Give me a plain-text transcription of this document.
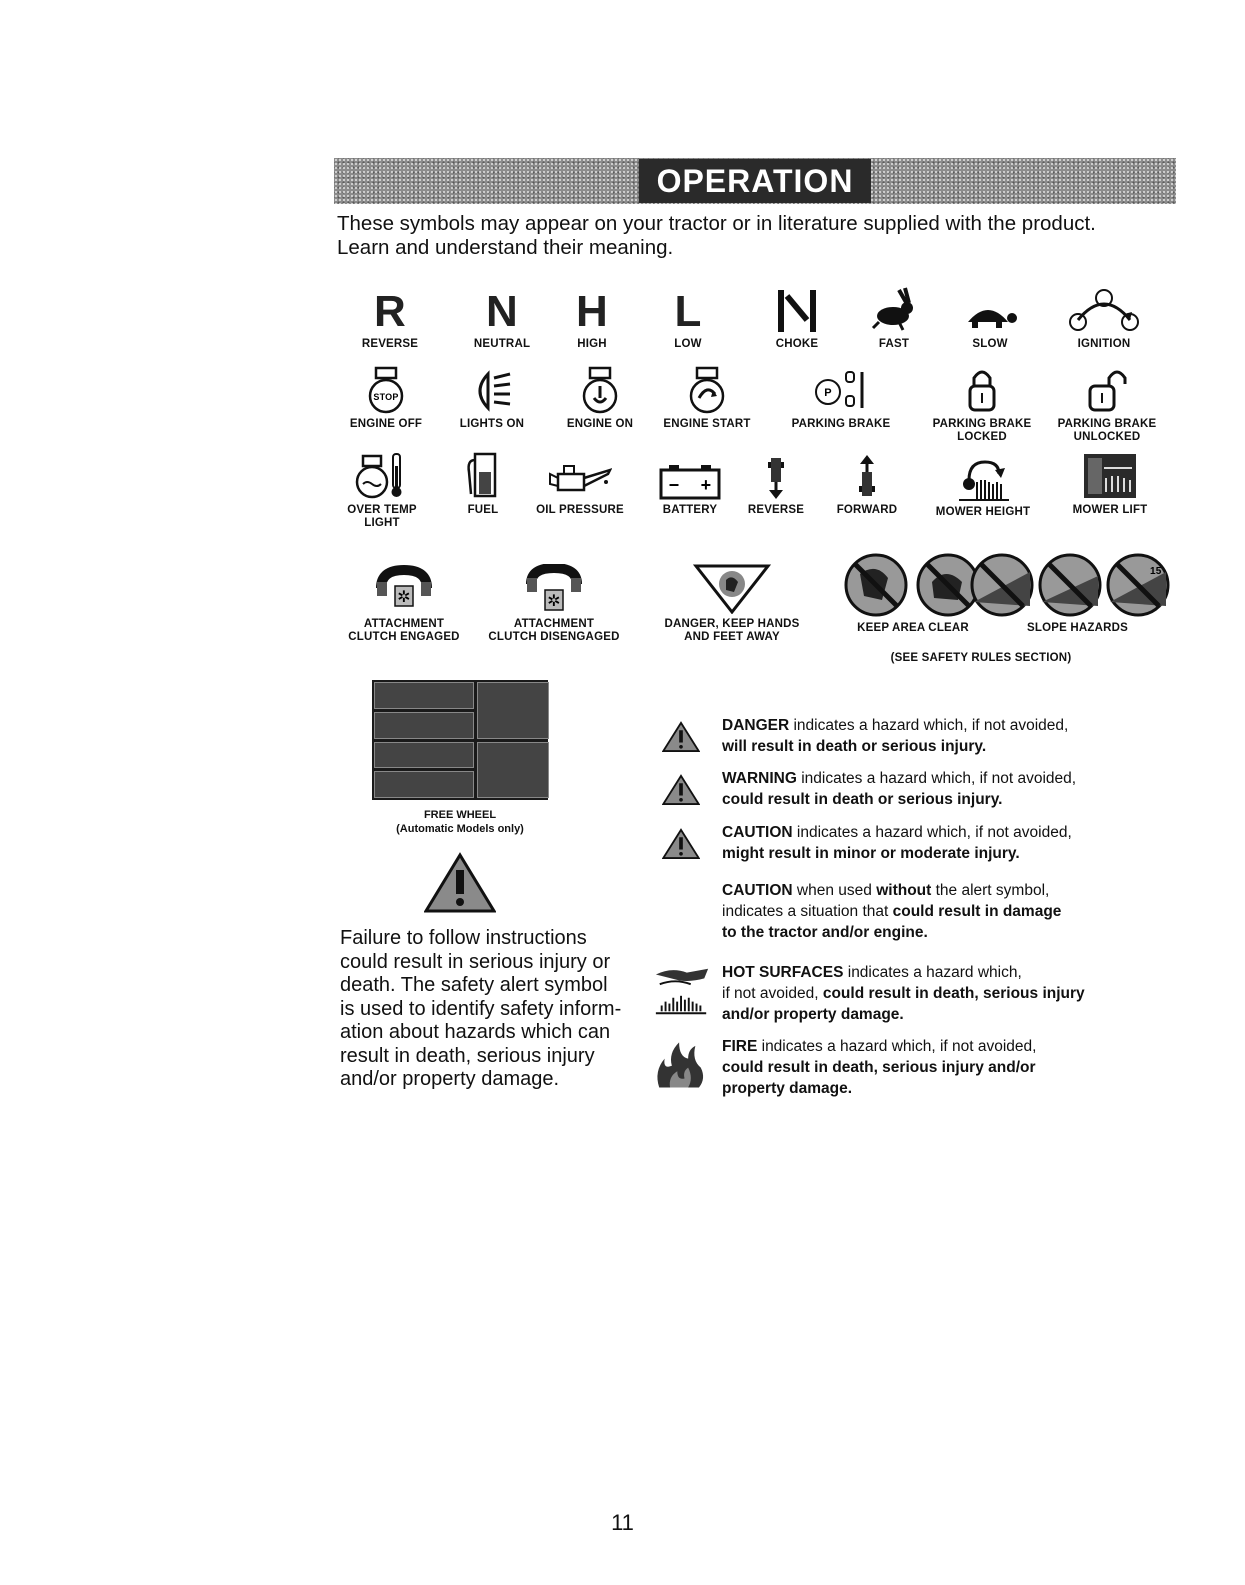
OPERATION
These symbols may appear on your tractor or in literature supplied with the product.
Learn and understand their meaning.
R
REVERSE
N
NEUTRAL
H
HIGH
L
LOW	CHOKE	FAST	SLOW	IGNITION
STOP
ENGINE OFF	LIGHTS ON	ENGINE ON	ENGINE START
P
PARKING BRAKE	PARKING BRAKE
LOCKED
PARKING BRAKE
UNLOCKED
OVER TEMP
LIGHT
FUEL	OIL PRESSURE
− +
BATTERY	REVERSE	FORWARD	MOWER HEIGHT	MOWER LIFT
✲
ATTACHMENT
CLUTCH ENGAGED
✲
ATTACHMENT
CLUTCH DISENGAGED
DANGER, KEEP HANDS
AND FEET AWAY
KEEP AREA CLEAR
15
SLOPE HAZARDS
(SEE SAFETY RULES SECTION)
FREE WHEEL
(Automatic Models only)
Failure to follow instructions
could result in serious injury or
death. The safety alert symbol
is used to identify safety inform-
ation about hazards which can
result in death, serious injury
and/or property damage.
DANGER indicates a hazard which, if not avoided,
will result in death or serious injury.
WARNING indicates a hazard which, if not avoided,
could result in death or serious injury.
CAUTION indicates a hazard which, if not avoided,
might result in minor or moderate injury.
CAUTION when used without the alert symbol,
indicates a situation that could result in damage
to the tractor and/or engine.
HOT SURFACES indicates a hazard which,
if not avoided, could result in death, serious injury
and/or property damage.
FIRE indicates a hazard which, if not avoided,
could result in death, serious injury and/or
property damage.
11
